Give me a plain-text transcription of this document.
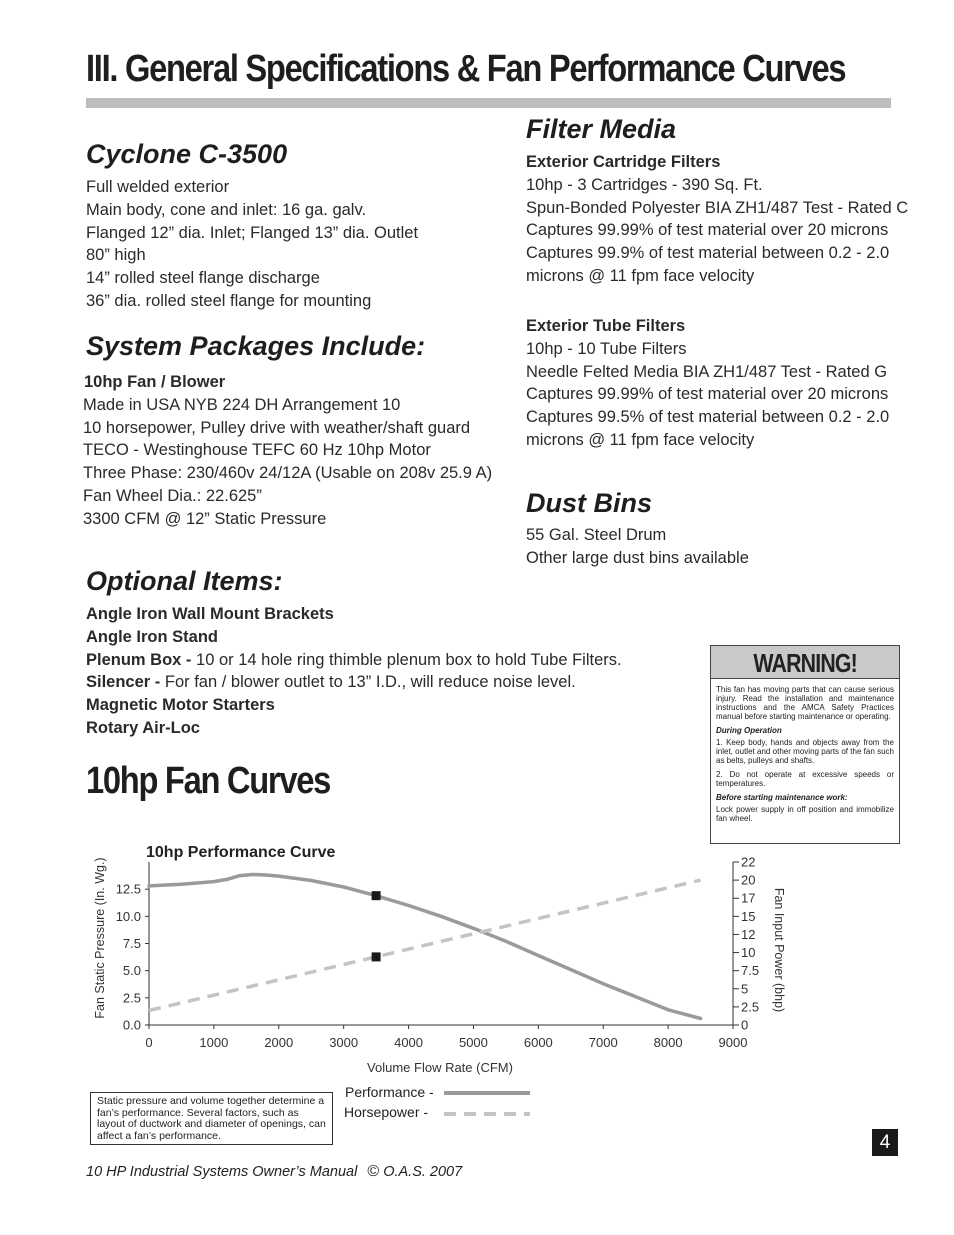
III. General Specifications & Fan Performance Curves
Cyclone C-3500
Full welded exterior
Main body, cone and inlet: 16 ga. galv.
Flanged 12” dia. Inlet; Flanged 13” dia. Outlet
80” high
14” rolled steel flange discharge
36” dia. rolled steel flange for mounting
System Packages Include:
10hp Fan / Blower
Made in USA NYB 224 DH Arrangement 10
10 horsepower, Pulley drive with weather/shaft guard
TECO - Westinghouse TEFC 60 Hz 10hp Motor
Three Phase: 230/460v 24/12A (Usable on 208v 25.9 A)
Fan Wheel Dia.: 22.625”
3300 CFM @ 12” Static Pressure
Filter Media
Exterior Cartridge Filters
10hp - 3 Cartridges - 390 Sq. Ft.
Spun-Bonded Polyester BIA ZH1/487 Test - Rated C
Captures 99.99% of test material over 20 microns
Captures 99.9% of test material between 0.2 - 2.0
microns @ 11 fpm face velocity
Exterior Tube Filters
10hp - 10 Tube Filters
Needle Felted Media BIA ZH1/487 Test - Rated G
Captures 99.99% of test material over 20 microns
Captures 99.5% of test material between 0.2 - 2.0
microns @ 11 fpm face velocity
Dust Bins
55 Gal. Steel Drum
Other large dust bins available
Optional Items:
Angle Iron Wall Mount Brackets
Angle Iron Stand
Plenum Box - 10 or 14 hole ring thimble plenum box to hold Tube Filters.
Silencer - For fan / blower outlet to 13” I.D., will reduce noise level.
Magnetic Motor Starters
Rotary Air-Loc
WARNING!

This fan has moving parts that can cause serious injury. Read the installation and maintenance instructions and the AMCA Safety Practices manual before starting maintenance or operating.

During Operation

1. Keep body, hands and objects away from the inlet, outlet and other moving parts of the fan such as belts, pulleys and shafts.

2. Do not operate at excessive speeds or temperatures.

Before starting maintenance work:

Lock power supply in off position and immobilize fan wheel.

10hp Fan Curves
10hp Performance Curve
0	1000	2000	3000	4000	5000	6000	7000	8000	9000
0.0
2.5
5.0
7.5
10.0
12.5
0
2.5
5
7.5
10
12
15
17
20
22
Fan Static Pressure (In. Wg.)	Fan Input Power (bhp)
Volume Flow Rate (CFM)
Static pressure and volume together determine a fan’s performance. Several factors, such as layout of ductwork and diameter of openings, can affect a fan’s performance.
Performance -
Horsepower -
4
10 HP Industrial Systems Owner’s Manual © O.A.S. 2007
